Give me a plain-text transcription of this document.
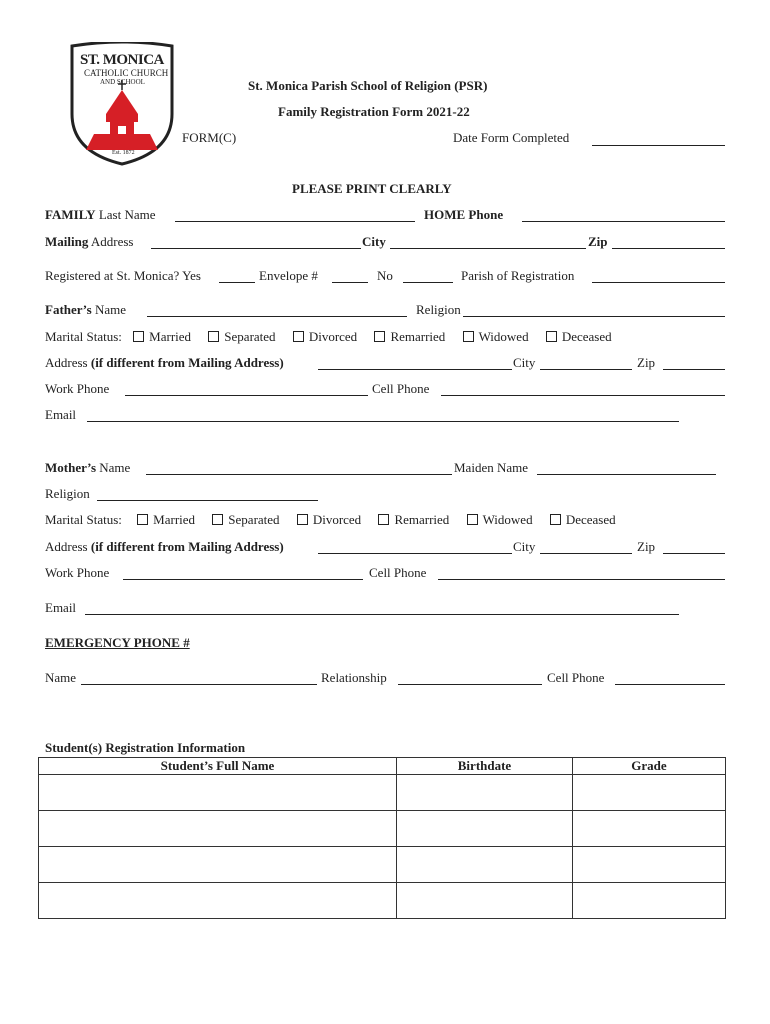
ST. MONICA
CATHOLIC CHURCH
AND SCHOOL
Est. 1872
St. Monica Parish School of Religion (PSR)
Family Registration Form 2021-22
FORM(C)	Date Form Completed
PLEASE PRINT CLEARLY
FAMILY Last Name	HOME Phone
Mailing Address	City	Zip
Registered at St. Monica? Yes	Envelope #	No	Parish of Registration
Father’s Name	Religion
Marital Status: Married	Separated	Divorced	Remarried	Widowed	Deceased
Address (if different from Mailing Address)	City	Zip
Work Phone	Cell Phone
Email
Mother’s Name	Maiden Name
Religion
Marital Status: Married	Separated	Divorced	Remarried	Widowed	Deceased
Address (if different from Mailing Address)	City	Zip
Work Phone	Cell Phone
Email
EMERGENCY PHONE #
Name	Relationship	Cell Phone
Student(s) Registration Information
Student’s Full Name	Birthdate	Grade
